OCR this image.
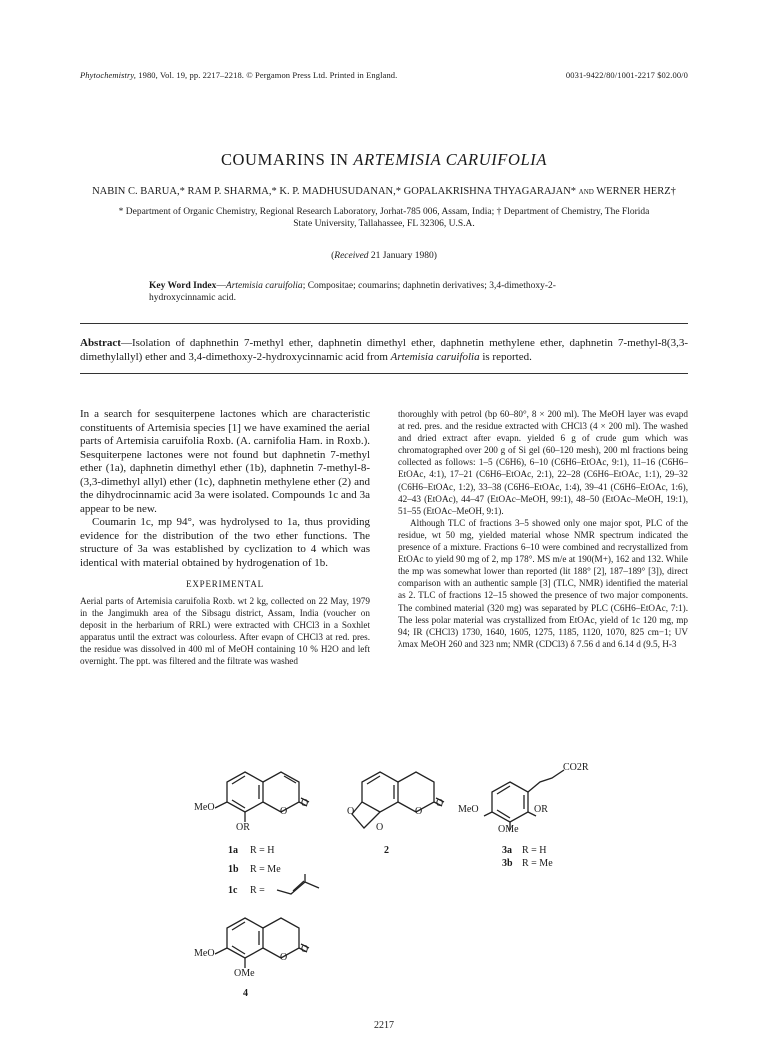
Phytochemistry, 1980, Vol. 19, pp. 2217–2218. © Pergamon Press Ltd. Printed in England.	0031-9422/80/1001-2217 $02.00/0
COUMARINS IN ARTEMISIA CARUIFOLIA
NABIN C. BARUA,* RAM P. SHARMA,* K. P. MADHUSUDANAN,* GOPALAKRISHNA THYAGARAJAN* and WERNER HERZ†
* Department of Organic Chemistry, Regional Research Laboratory, Jorhat-785 006, Assam, India; † Department of Chemistry, The Florida State University, Tallahassee, FL 32306, U.S.A.
(Received 21 January 1980)
Key Word Index—Artemisia caruifolia; Compositae; coumarins; daphnetin derivatives; 3,4-dimethoxy-2-hydroxycinnamic acid.
Abstract—Isolation of daphnethin 7-methyl ether, daphnetin dimethyl ether, daphnetin methylene ether, daphnetin 7-methyl-8(3,3-dimethylallyl) ether and 3,4-dimethoxy-2-hydroxycinnamic acid from Artemisia caruifolia is reported.

In a search for sesquiterpene lactones which are characteristic constituents of Artemisia species [1] we have examined the aerial parts of Artemisia caruifolia Roxb. (A. carnifolia Ham. in Roxb.). Sesquiterpene lactones were not found but daphnetin 7-methyl ether (1a), daphnetin dimethyl ether (1b), daphnetin 7-methyl-8-(3,3-dimethyl allyl) ether (1c), daphnetin methylene ether (2) and the dihydrocinnamic acid 3a were isolated. Compounds 1c and 3a appear to be new.

Coumarin 1c, mp 94°, was hydrolysed to 1a, thus providing evidence for the distribution of the two ether functions. The structure of 3a was established by cyclization to 4 which was identical with material obtained by hydrogenation of 1b.

EXPERIMENTAL

Aerial parts of Artemisia caruifolia Roxb. wt 2 kg, collected on 22 May, 1979 in the Jangimukh area of the Sibsagu district, Assam, India (voucher on deposit in the herbarium of RRL) were extracted with CHCl3 in a Soxhlet apparatus until the extract was colourless. After evapn of CHCl3 at red. pres. the residue was dissolved in 400 ml of MeOH containing 10 % H2O and left overnight. The ppt. was filtered and the filtrate was washed

thoroughly with petrol (bp 60–80°, 8 × 200 ml). The MeOH layer was evapd at red. pres. and the residue extracted with CHCl3 (4 × 200 ml). The washed and dried extract after evapn. yielded 6 g of crude gum which was chromatographed over 200 g of Si gel (60–120 mesh), 200 ml fractions being collected as follows: 1–5 (C6H6), 6–10 (C6H6–EtOAc, 9:1), 11–16 (C6H6–EtOAc, 4:1), 17–21 (C6H6–EtOAc, 2:1), 22–28 (C6H6–EtOAc, 1:1), 29–32 (C6H6–EtOAc, 1:2), 33–38 (C6H6–EtOAc, 1:4), 39–41 (C6H6–EtOAc, 1:6), 42–43 (EtOAc), 44–47 (EtOAc–MeOH, 99:1), 48–50 (EtOAc–MeOH, 19:1), 51–55 (EtOAc–MeOH, 9:1).

Although TLC of fractions 3–5 showed only one major spot, PLC of the residue, wt 50 mg, yielded material whose NMR spectrum indicated the presence of a mixture. Fractions 6–10 were combined and recrystallized from EtOAc to yield 90 mg of 2, mp 178°. MS m/e at 190(M+), 162 and 132. While the mp was somewhat lower than reported (lit 188° [2], 187–189° [3]), direct comparison with an authentic sample [3] (TLC, NMR) identified the material as 2. TLC of fractions 12–15 showed the presence of two major components. The combined material (320 mg) was separated by PLC (C6H6–EtOAc, 7:1). The less polar material was crystallized from EtOAc, yield of 1c 120 mg, mp 94; IR (CHCl3) 1730, 1640, 1605, 1275, 1185, 1120, 1070, 825 cm−1; UV λmax MeOH 260 and 323 nm; NMR (CDCl3) δ 7.56 d and 6.14 d (9.5, H-3

MeO	O
O
OR
1a R = H
1b R = Me
1c R =
O
O
O
O
2
CO2R
MeO	OR
OMe
3a R = H
3b R = Me
MeO	O
O
OMe
4
2217
